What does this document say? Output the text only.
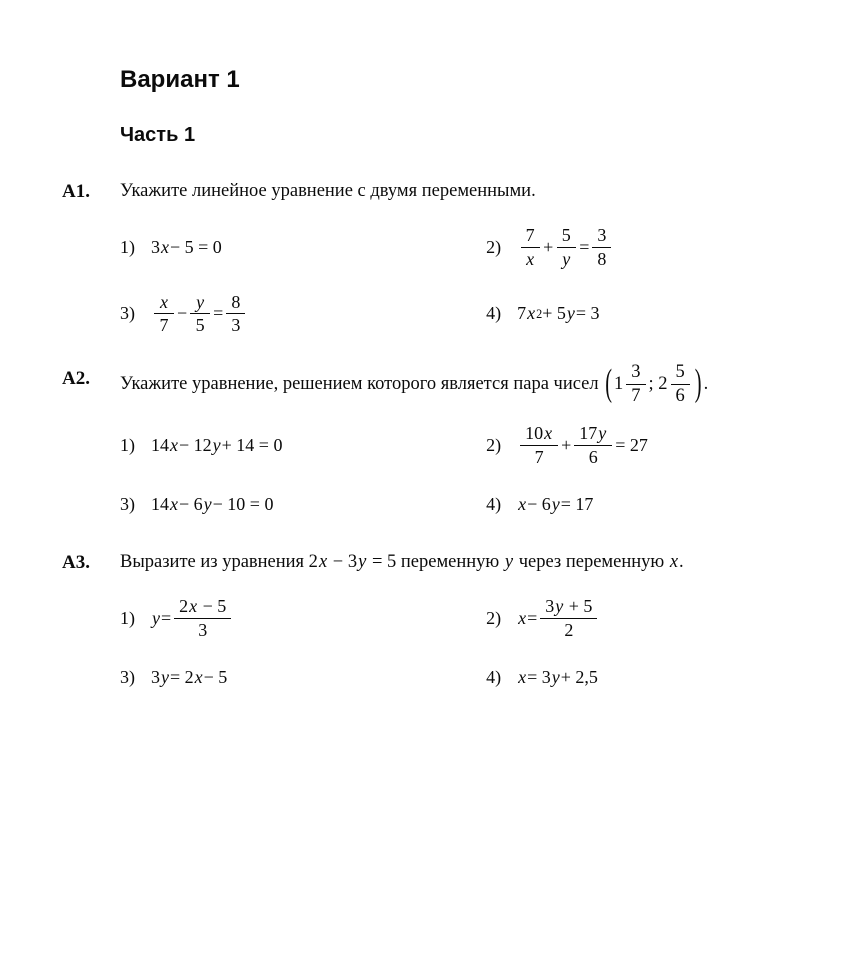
Вариант 1
Часть 1
А1.	Укажите линейное уравнение с двумя переменными.
1) 3 x − 5 = 0	$2) \frac{7}{x} + \frac{5}{y} = \frac{3}{8}$
$3) \frac{x}{7} - \frac{y}{5} = \frac{8}{3}$	4) 7 x 2 + 5 y = 3
А2.	Укажите уравнение, решением которого является пара чисел ( $1 \frac{3}{7}$ ; $2 \frac{5}{6}$ ) .
1) 14 x − 12 y + 14 = 0	$2) \frac{10x}{7} + \frac{17y}{6} = 27$
3) 14 x − 6 y − 10 = 0	4) x − 6 y = 17
А3.	Выразите из уравнения 2x − 3y = 5 переменную y через переменную x.
1) $y = \frac{2x - 5}{3}$	2) $x = \frac{3y + 5}{2}$
3) 3 y = 2 x − 5	4) x = 3 y + 2,5
